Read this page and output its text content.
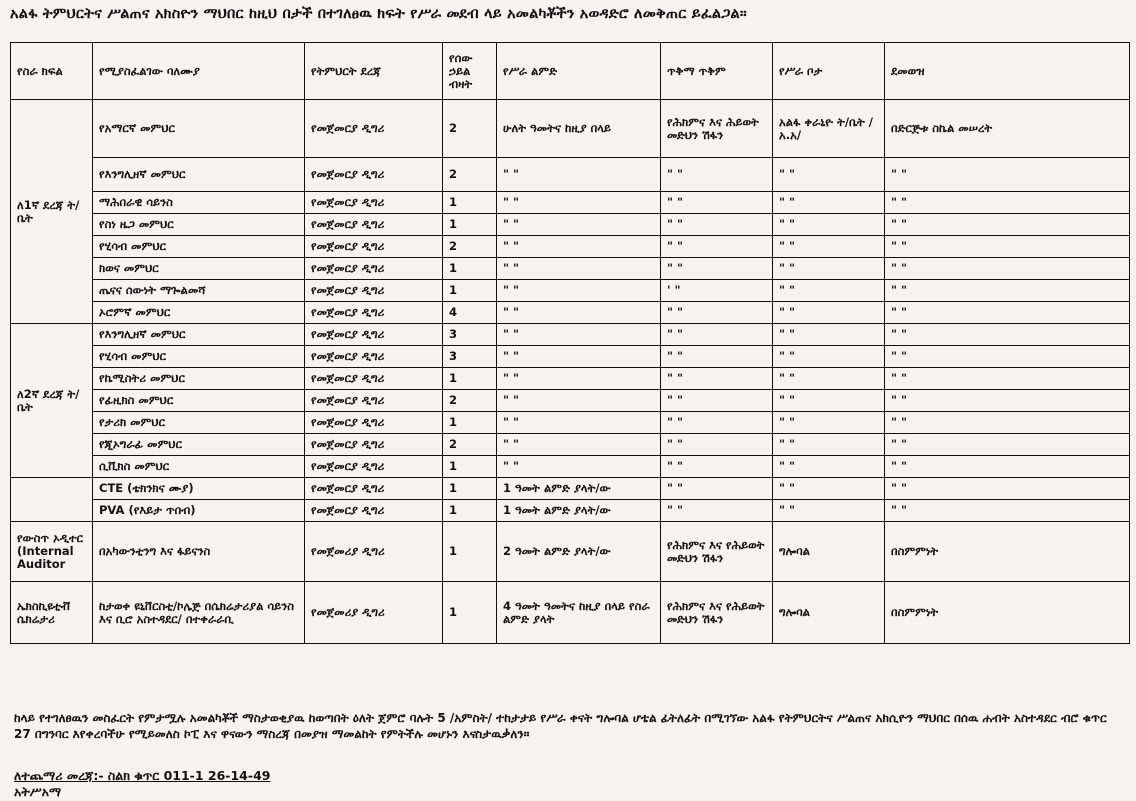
አልፋ ትምህርትና ሥልጠና አክስዮን ማህበር ከዚህ በታች በተገለፀዉ ክፍት የሥራ መደብ ላይ አመልካቾችን አወዳድሮ ለመቅጠር ይፈልጋል።
የስራ ክፍል	የሚያስፈልገው ባለሙያ	የትምህርት ደረጃ	የሰው ኃይል ብዛት	የሥራ ልምድ	ጥቅማ ጥቅም	የሥራ ቦታ	ደመወዝ
ለ1ኛ ደረጃ ት/ቤት	የአማርኛ መምህር	የመጀመርያ ዲግሪ	2	ሁለት ዓመትና ከዚያ በላይ	የሕክምና እና ሕይወት መድህን ሽፋን	አልፋ ቀራኒዮ ት/ቤት /አ.አ/	በድርጅቱ ስኬል መሠረት
	የእንግሊዘኛ መምህር	የመጀመርያ ዲግሪ	2	" "	" "	" "	" "
	ማሕበራዊ ሳይንስ	የመጀመርያ ዲግሪ	1	" "	" "	" "	" "
	የስነ ዜጋ መምህር	የመጀመርያ ዲግሪ	1	" "	" "	" "	" "
	የሂሳብ መምህር	የመጀመርያ ዲግሪ	2	" "	" "	" "	" "
	ክወና መምህር	የመጀመርያ ዲግሪ	1	" "	" "	" "	" "
	ጤናና ሰውነት ማጐልመሻ	የመጀመርያ ዲግሪ	1	" "	' "	" "	" "
	ኦሮምኛ መምህር	የመጀመርያ ዲግሪ	4	" "	" "	" "	" "
ለ2ኛ ደረጃ ት/ቤት	የእንግሊዘኛ መምህር	የመጀመርያ ዲግሪ	3	" "	" "	" "	" "
	የሂሳብ መምህር	የመጀመርያ ዲግሪ	3	" "	" "	" "	" "
	የኬሚስትሪ መምህር	የመጀመርያ ዲግሪ	1	" "	" "	" "	" "
	የፊዚክስ መምህር	የመጀመርያ ዲግሪ	2	" "	" "	" "	" "
	የታሪክ መምህር	የመጀመርያ ዲግሪ	1	" "	" "	" "	" "
	የጂኦግራፊ መምህር	የመጀመርያ ዲግሪ	2	" "	" "	" "	" "
	ሲቪክስ መምህር	የመጀመርያ ዲግሪ	1	" "	" "	" "	" "
	CTE (ቴክንክና ሙያ)	የመጀመርያ ዲግሪ	1	1 ዓመት ልምድ ያላት/ው	" "	" "	" "
	PVA (የእይታ ጥበብ)	የመጀመርያ ዲግሪ	1	1 ዓመት ልምድ ያላት/ው	" "	" "	" "
የውስጥ ኦዲተር (Internal Auditor	በአካውንቲንግ እና ፋይናንስ	የመጀመሪያ ዲግሪ	1	2 ዓመት ልምድ ያላት/ው	የሕክምና እና የሕይወት መድህን ሽፋን	ግሎባል	በስምምነት
ኤክስኪዩቲቭ ሴክሬታሪ	ከታወቀ ዩኒቨርስቲ/ኮሌጅ በሴክሬታሪያል ሳይንስ እና ቢሮ አስተዳደር/ በተቀራራቢ	የመጀመሪያ ዲግሪ	1	4 ዓመት ዓመትና ከዚያ በላይ የስራ ልምድ ያላት	የሕክምና እና የሕይወት መድህን ሽፋን	ግሎባል	በስምምነት
ከላይ የተገለፀዉን መስፈርት የምታሟሉ አመልካቾች ማስታወቂያዉ ከወጣበት ዕለት ጀምሮ ባሉት 5 /አምስት/ ተከታታይ የሥራ ቀናት ግሎባል ሆቴል ፊትለፊት በሚገኘው አልፋ የትምህርትና ሥልጠና አክሲዮን ማህበር በሰዉ ሐብት አስተዳደር ብሮ ቁጥር 27 በግንባር እየቀረባችሁ የሚይመለስ ኮፒ እና ዋናውን ማስረጃ በመያዝ ማመልከት የምትችሉ መሆኑን እናስታዉቃለን።
ለተጨማሪ መረጃ:- ስልክ ቁጥር 011-1 26-14-49
አትሥአማ
